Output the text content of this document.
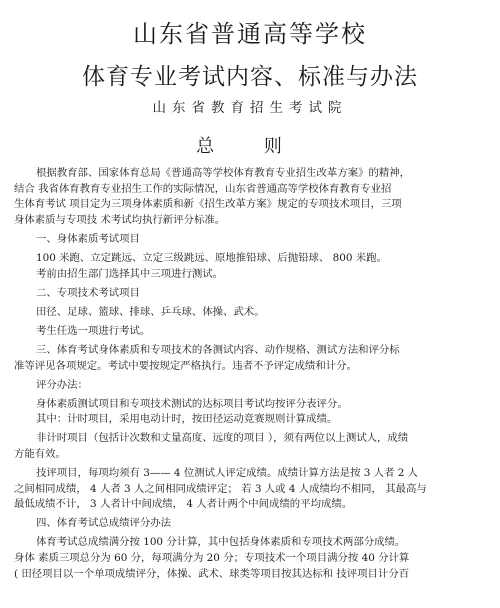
山东省普通高等学校
体育专业考试内容、标准与办法
山东省教育招生考试院
总 则
根据教育部、国家体育总局《普通高等学校体育教育专业招生改革方案》的精神，
结合 我省体育教育专业招生工作的实际情况，山东省普通高等学校体育教育专业招
生体育考试 项目定为三项身体素质和新《招生改革方案》规定的专项技术项目，三项
身体素质与专项技 术考试均执行新评分标准。
一、身体素质考试项目
100 米跑、立定跳远、立定三级跳远、原地推铅球、后抛铅球、 800 米跑。
考前由招生部门选择其中三项进行测试。
二、专项技术考试项目
田径、足球、篮球、排球、乒乓球、体操、武术。
考生任选一项进行考试。
三、体育考试身体素质和专项技术的各测试内容、动作规格、测试方法和评分标
准等评见各项规定。考试中要按规定严格执行。违者不予评定成绩和计分。
评分办法：
身体素质测试项目和专项技术测试的达标项目考试均按评分表评分。
其中：计时项目，采用电动计时，按田径运动竞赛规则计算成绩。
非计时项目（包括计次数和丈量高度、远度的项目 ），须有两位以上测试人，成绩
方能有效。
技评项目，每项均须有 3—— 4 位测试人评定成绩。成绩计算方法是按 3 人者 2 人
之间相同成绩， 4 人者 3 人之间相同成绩评定； 若 3 人或 4 人成绩均不相同， 其最高与
最低成绩不计， 3 人者计中间成绩， 4 人者计两个中间成绩的平均成绩。
四、体育考试总成绩评分办法
体育考试总成绩满分按 100 分计算，其中包括身体素质和专项技术两部分成绩。
身体 素质三项总分为 60 分，每项满分为 20 分；专项技术一个项目满分按 40 分计算
( 田径项目以一个单项成绩评分，体操、武术、球类等项目按其达标和 技评项目计分百
